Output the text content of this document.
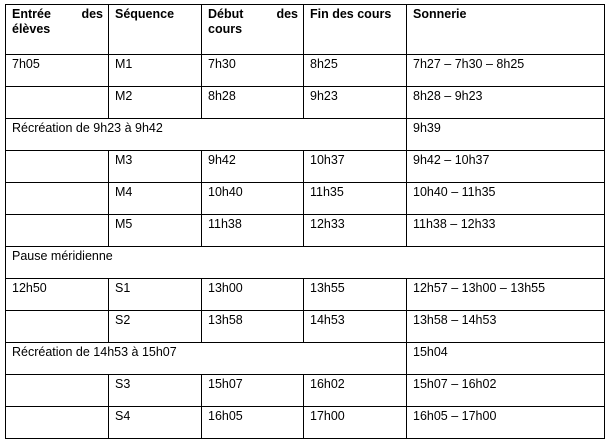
Entrée des élèves	Séquence	Début des cours	Fin des cours	Sonnerie
7h05	M1	7h30	8h25	7h27 – 7h30 – 8h25
	M2	8h28	9h23	8h28 – 9h23
Récréation de 9h23 à 9h42				9h39
	M3	9h42	10h37	9h42 – 10h37
	M4	10h40	11h35	10h40 – 11h35
	M5	11h38	12h33	11h38 – 12h33
Pause méridienne				
12h50	S1	13h00	13h55	12h57 – 13h00 – 13h55
	S2	13h58	14h53	13h58 – 14h53
Récréation de 14h53 à 15h07				15h04
	S3	15h07	16h02	15h07 – 16h02
	S4	16h05	17h00	16h05 – 17h00
